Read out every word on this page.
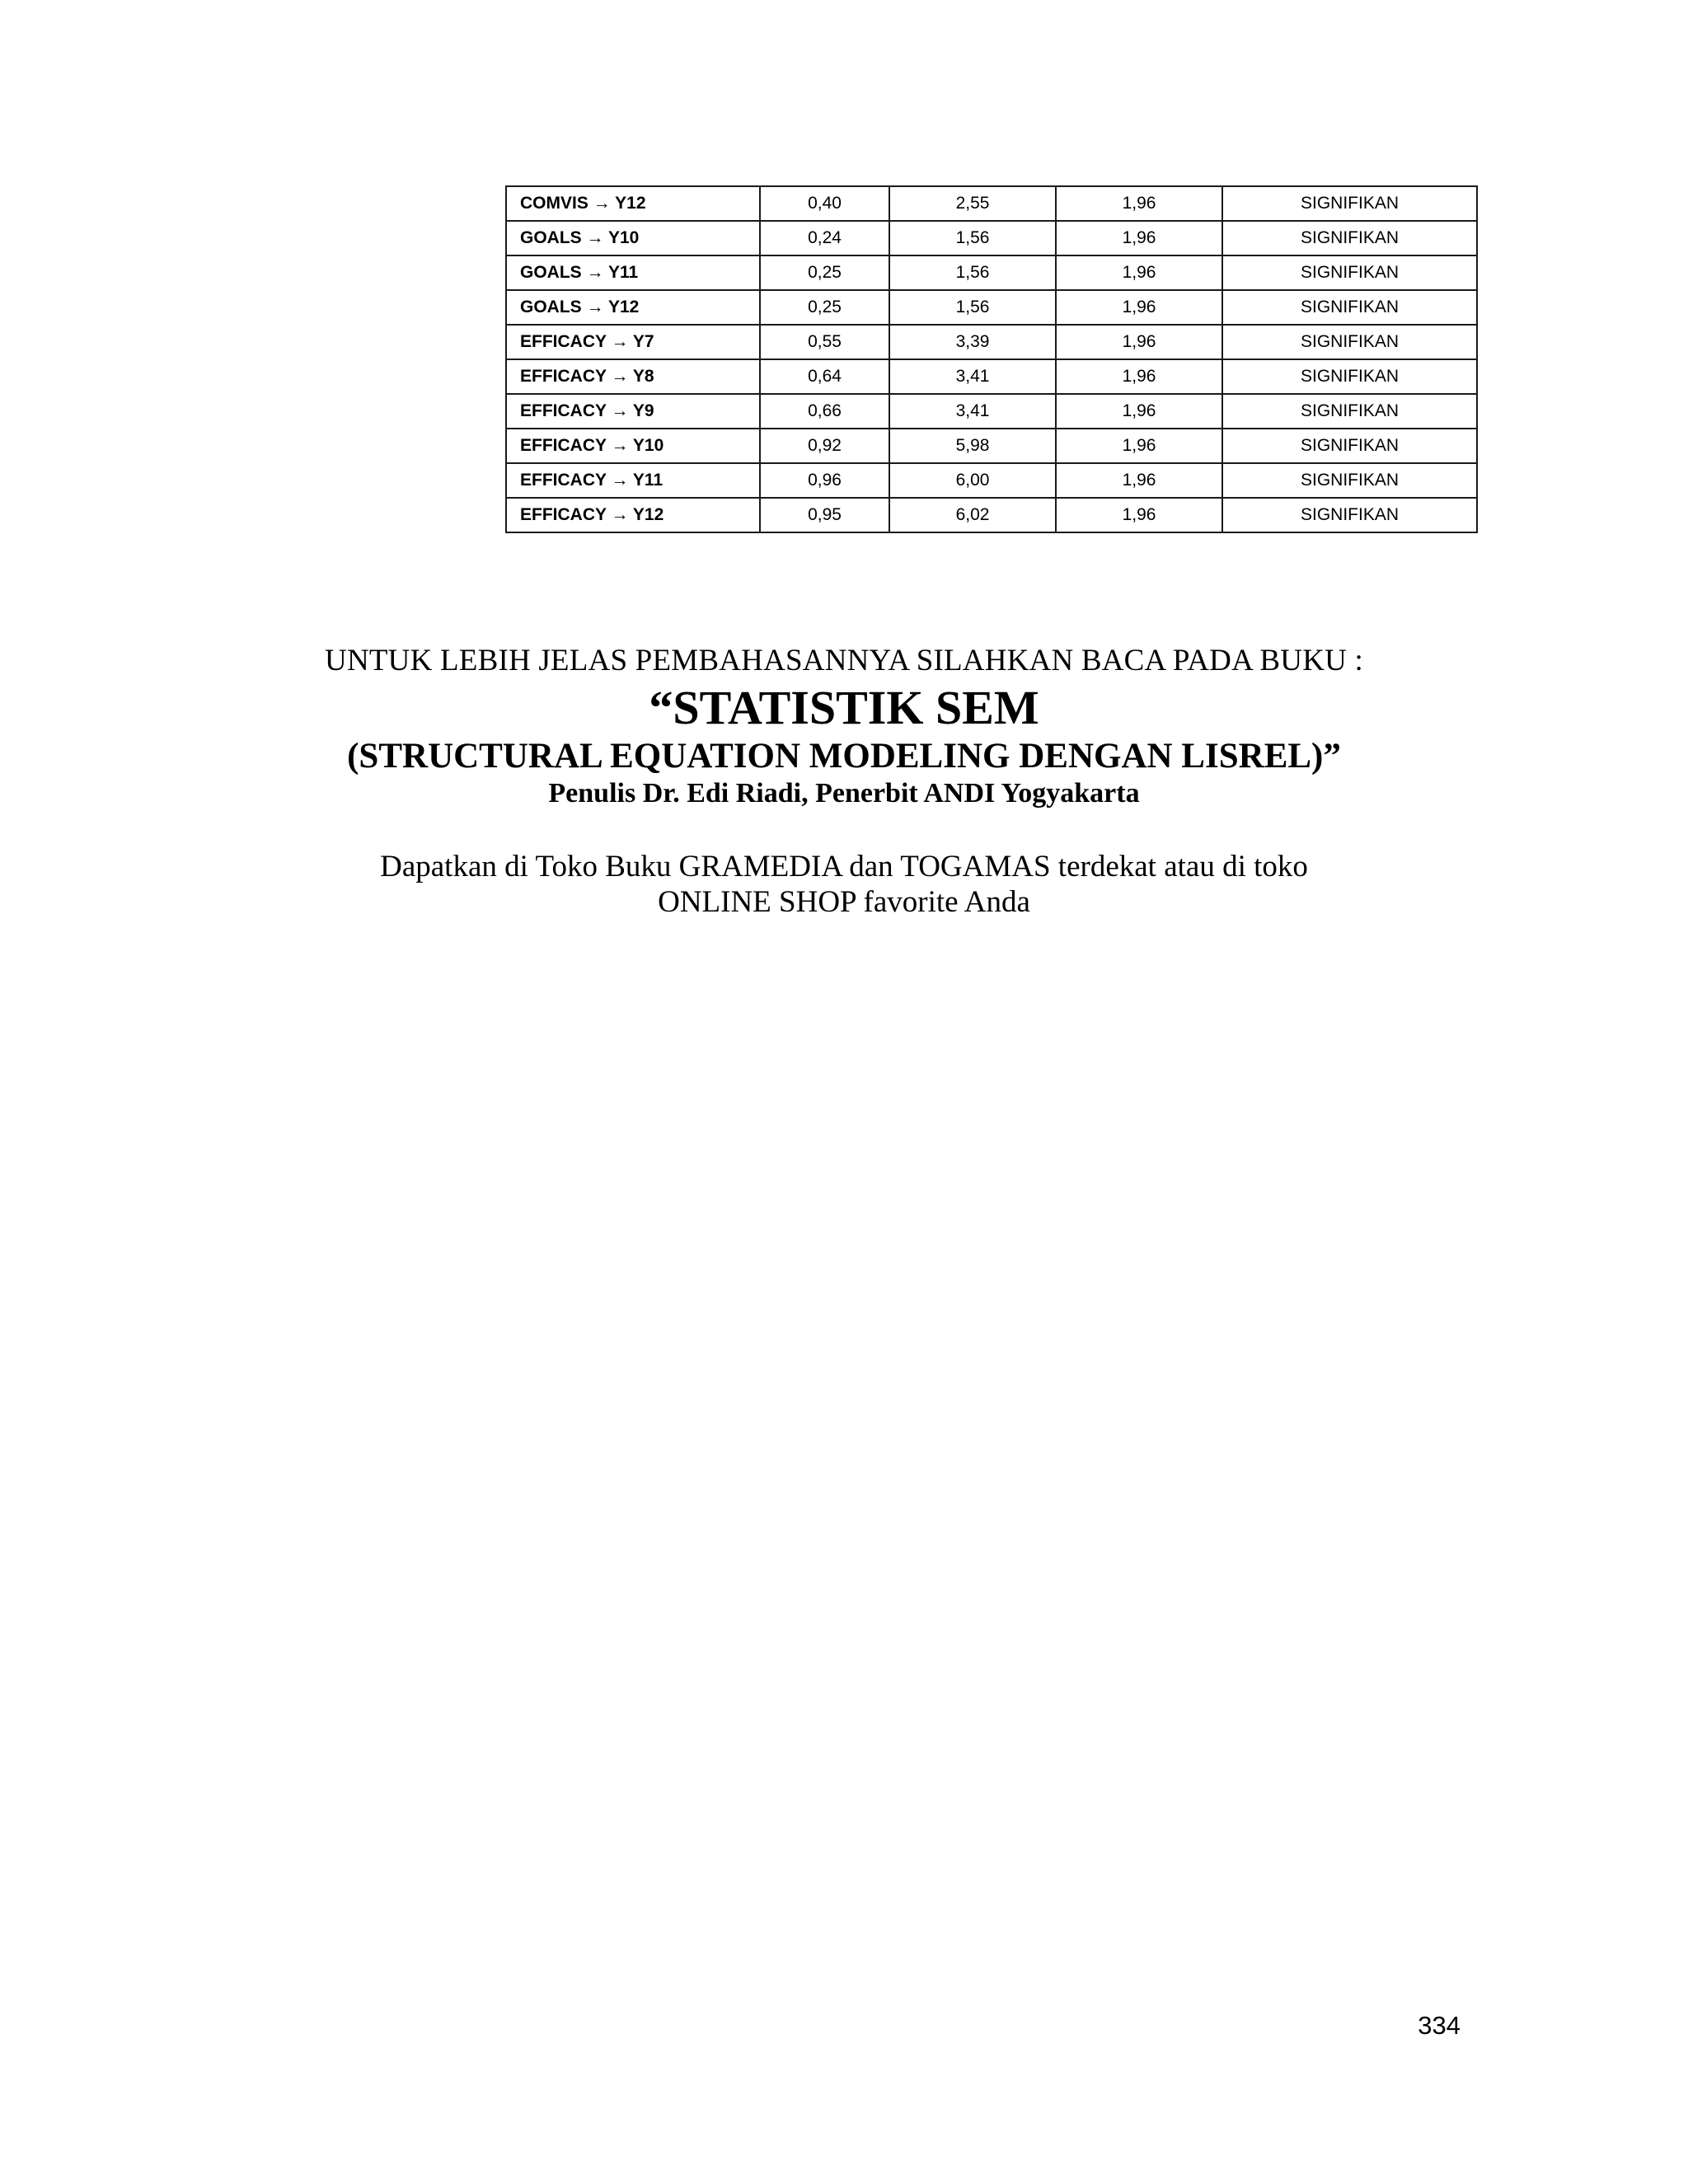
COMVIS → Y12	0,40	2,55	1,96	SIGNIFIKAN
GOALS → Y10	0,24	1,56	1,96	SIGNIFIKAN
GOALS → Y11	0,25	1,56	1,96	SIGNIFIKAN
GOALS → Y12	0,25	1,56	1,96	SIGNIFIKAN
EFFICACY → Y7	0,55	3,39	1,96	SIGNIFIKAN
EFFICACY → Y8	0,64	3,41	1,96	SIGNIFIKAN
EFFICACY → Y9	0,66	3,41	1,96	SIGNIFIKAN
EFFICACY → Y10	0,92	5,98	1,96	SIGNIFIKAN
EFFICACY → Y11	0,96	6,00	1,96	SIGNIFIKAN
EFFICACY → Y12	0,95	6,02	1,96	SIGNIFIKAN
UNTUK LEBIH JELAS PEMBAHASANNYA SILAHKAN BACA PADA BUKU :
“STATISTIK SEM
(STRUCTURAL EQUATION MODELING DENGAN LISREL)”
Penulis Dr. Edi Riadi, Penerbit ANDI Yogyakarta
Dapatkan di Toko Buku GRAMEDIA dan TOGAMAS terdekat atau di toko
ONLINE SHOP favorite Anda
334
